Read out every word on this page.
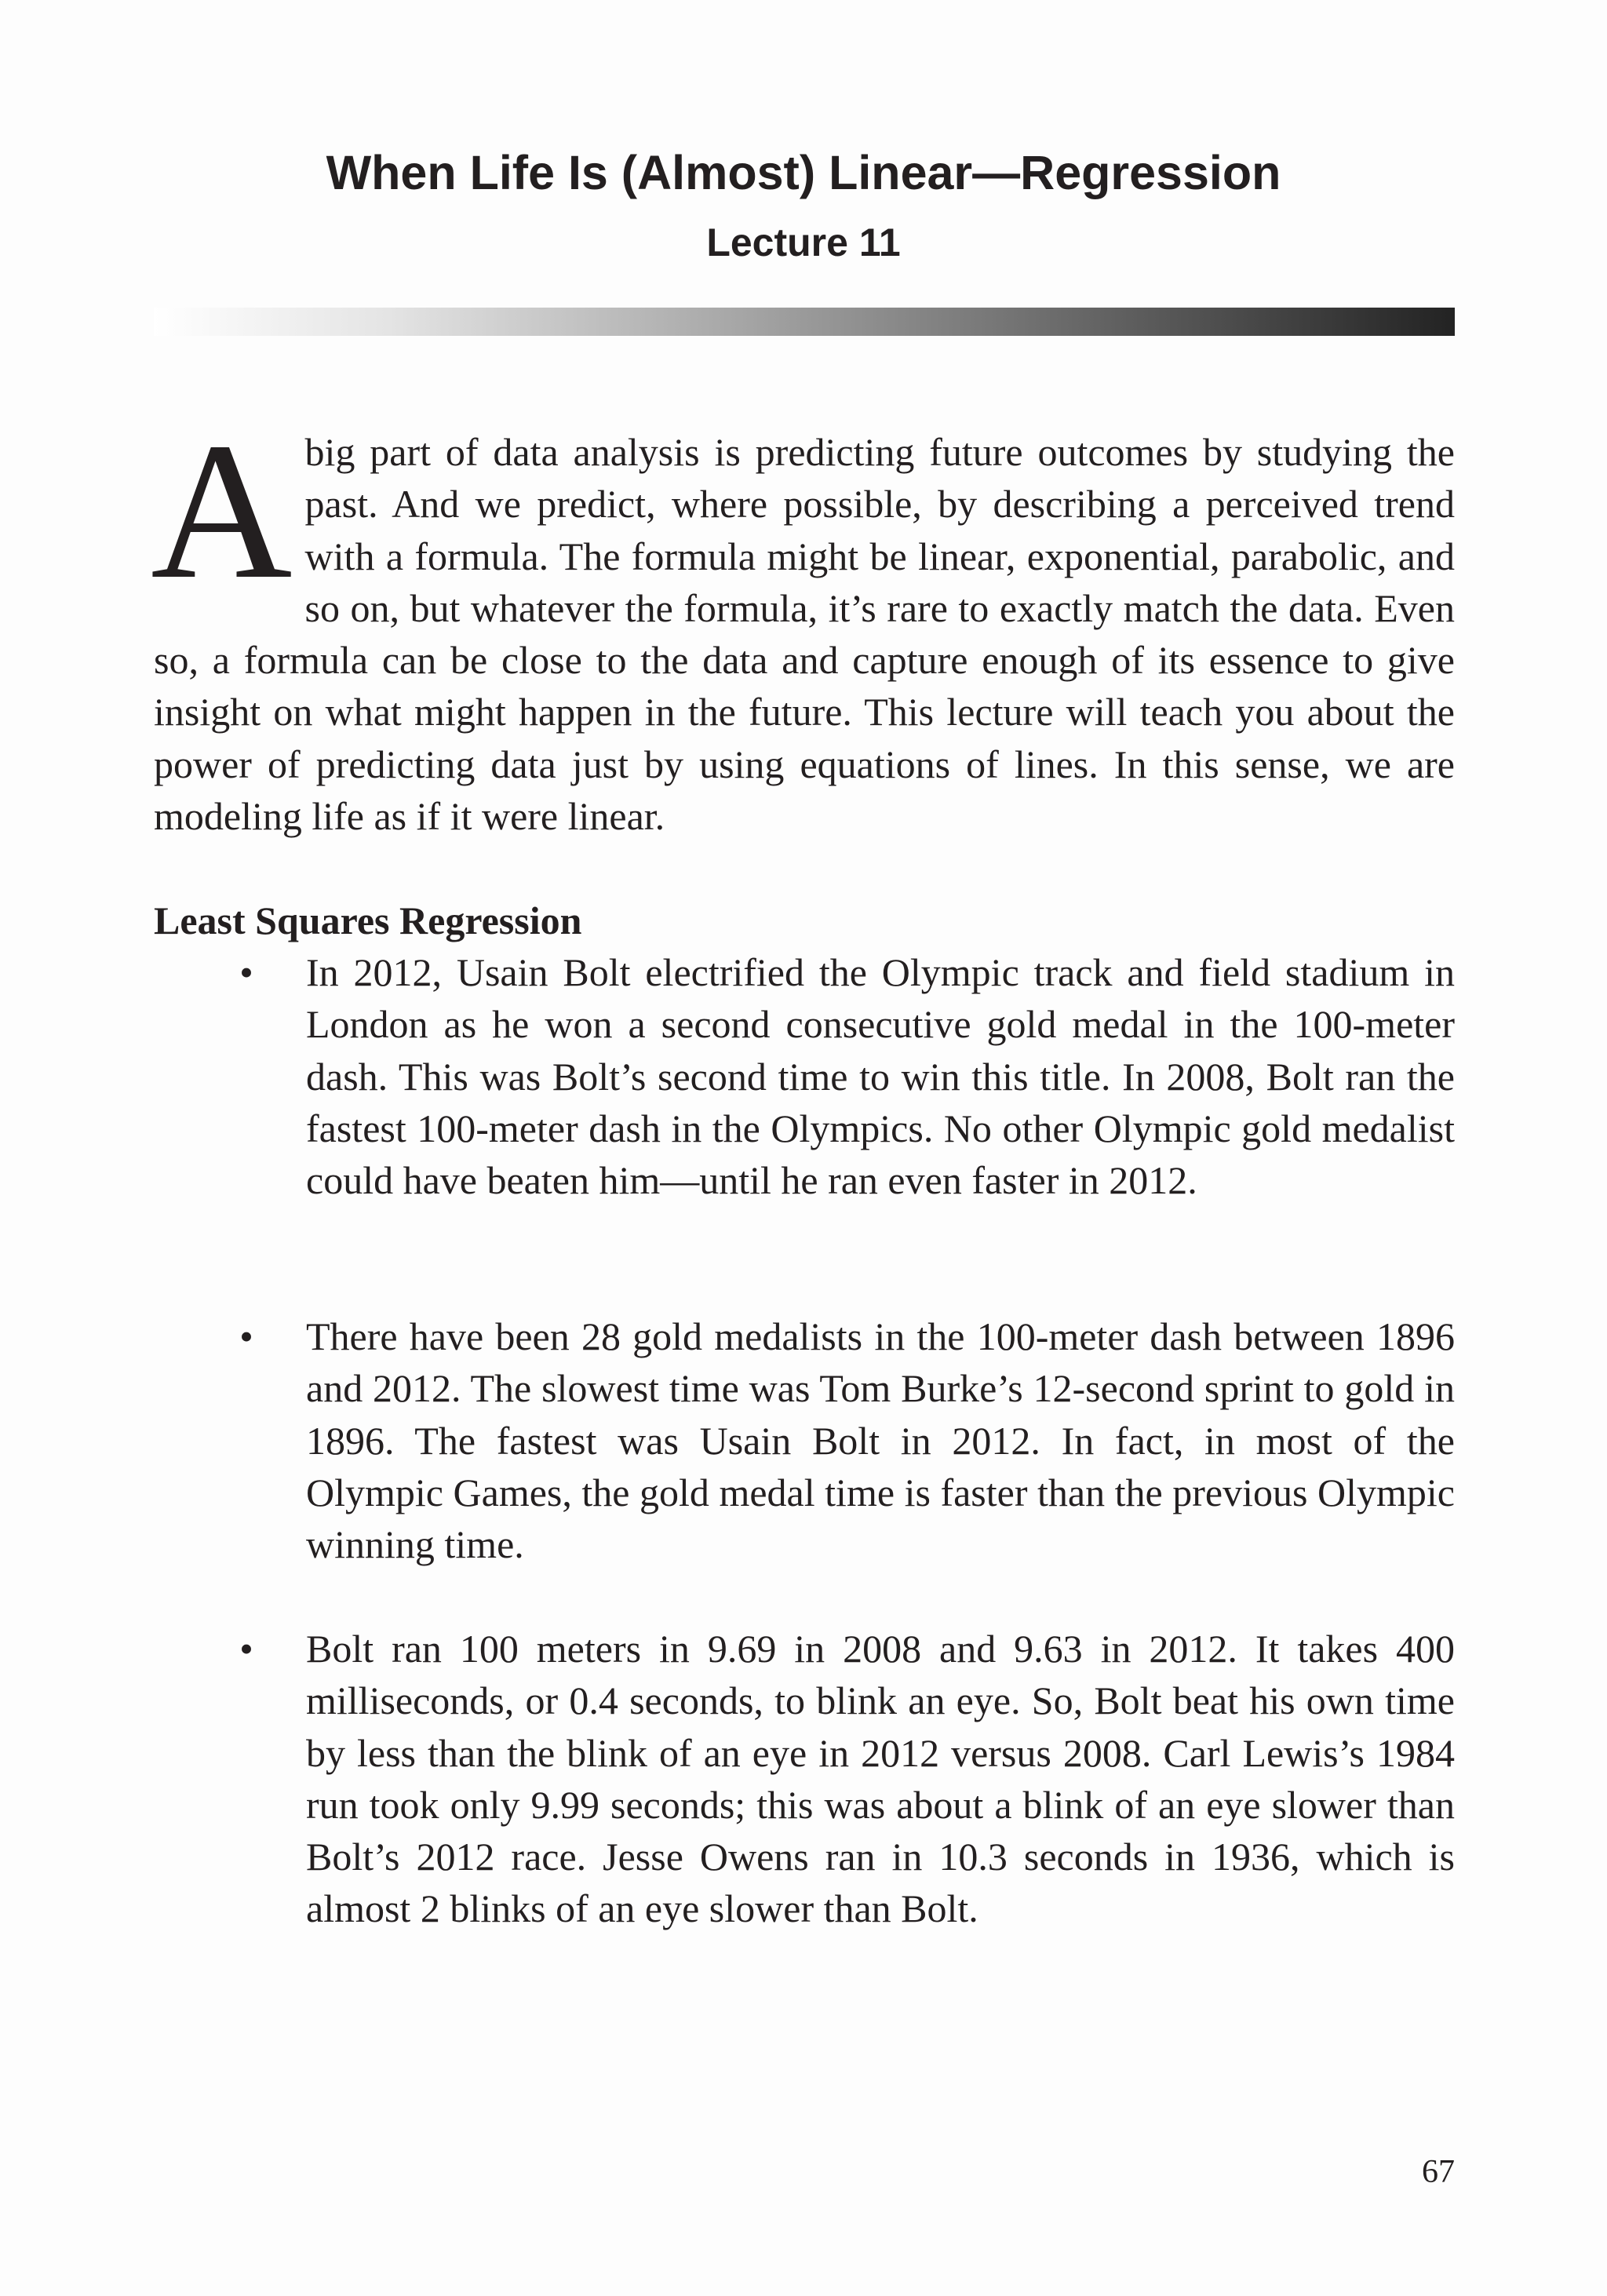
When Life Is (Almost) Linear—Regression
Lecture 11

A big part of data analysis is predicting future outcomes by studying the past. And we predict, where possible, by describing a perceived trend with a formula. The formula might be linear, exponential, parabolic, and so on, but whatever the formula, it’s rare to exactly match the data. Even so, a formula can be close to the data and capture enough of its essence to give insight on what might happen in the future. This lecture will teach you about the power of predicting data just by using equations of lines. In this sense, we are modeling life as if it were linear.

Least Squares Regression
• In 2012, Usain Bolt electrified the Olympic track and field stadium in London as he won a second consecutive gold medal in the 100-meter dash. This was Bolt’s second time to win this title. In 2008, Bolt ran the fastest 100-meter dash in the Olympics. No other Olympic gold medalist could have beaten him—until he ran even faster in 2012.
• There have been 28 gold medalists in the 100-meter dash between 1896 and 2012. The slowest time was Tom Burke’s 12-second sprint to gold in 1896. The fastest was Usain Bolt in 2012. In fact, in most of the Olympic Games, the gold medal time is faster than the previous Olympic winning time.
• Bolt ran 100 meters in 9.69 in 2008 and 9.63 in 2012. It takes 400 milliseconds, or 0.4 seconds, to blink an eye. So, Bolt beat his own time by less than the blink of an eye in 2012 versus 2008. Carl Lewis’s 1984 run took only 9.99 seconds; this was about a blink of an eye slower than Bolt’s 2012 race. Jesse Owens ran in 10.3 seconds in 1936, which is almost 2 blinks of an eye slower than Bolt.

67
